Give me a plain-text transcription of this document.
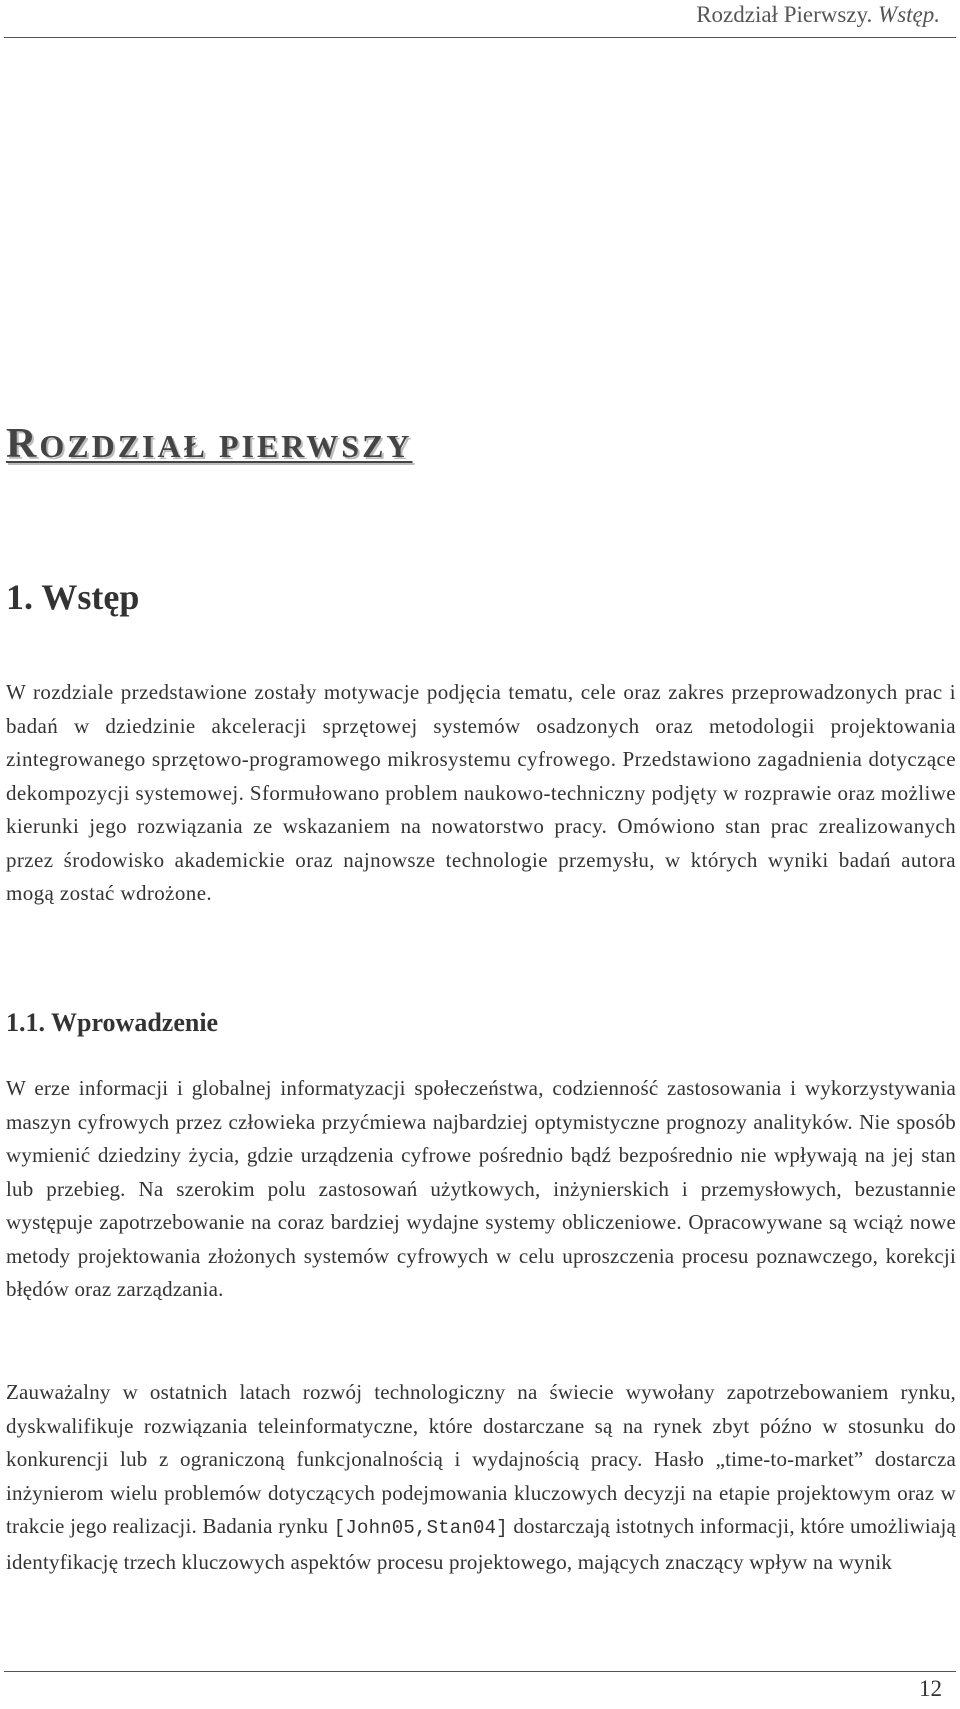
Rozdział Pierwszy. Wstęp.
ROZDZIAŁ PIERWSZY
1. Wstęp

W rozdziale przedstawione zostały motywacje podjęcia tematu, cele oraz zakres przeprowadzonych prac i badań w dziedzinie akceleracji sprzętowej systemów osadzonych oraz metodologii projektowania zintegrowanego sprzętowo-programowego mikrosystemu cyfrowego. Przedstawiono zagadnienia dotyczące dekompozycji systemowej. Sformułowano problem naukowo-techniczny podjęty w rozprawie oraz możliwe kierunki jego rozwiązania ze wskazaniem na nowatorstwo pracy. Omówiono stan prac zrealizowanych przez środowisko akademickie oraz najnowsze technologie przemysłu, w których wyniki badań autora mogą zostać wdrożone.

1.1. Wprowadzenie

W erze informacji i globalnej informatyzacji społeczeństwa, codzienność zastosowania i wykorzystywania maszyn cyfrowych przez człowieka przyćmiewa najbardziej optymistyczne prognozy analityków. Nie sposób wymienić dziedziny życia, gdzie urządzenia cyfrowe pośrednio bądź bezpośrednio nie wpływają na jej stan lub przebieg. Na szerokim polu zastosowań użytkowych, inżynierskich i przemysłowych, bezustannie występuje zapotrzebowanie na coraz bardziej wydajne systemy obliczeniowe. Opracowywane są wciąż nowe metody projektowania złożonych systemów cyfrowych w celu uproszczenia procesu poznawczego, korekcji błędów oraz zarządzania.

Zauważalny w ostatnich latach rozwój technologiczny na świecie wywołany zapotrzebowaniem rynku, dyskwalifikuje rozwiązania teleinformatyczne, które dostarczane są na rynek zbyt późno w stosunku do konkurencji lub z ograniczoną funkcjonalnością i wydajnością pracy. Hasło „time-to-market” dostarcza inżynierom wielu problemów dotyczących podejmowania kluczowych decyzji na etapie projektowym oraz w trakcie jego realizacji. Badania rynku [John05,Stan04] dostarczają istotnych informacji, które umożliwiają identyfikację trzech kluczowych aspektów procesu projektowego, mających znaczący wpływ na wynik

12
